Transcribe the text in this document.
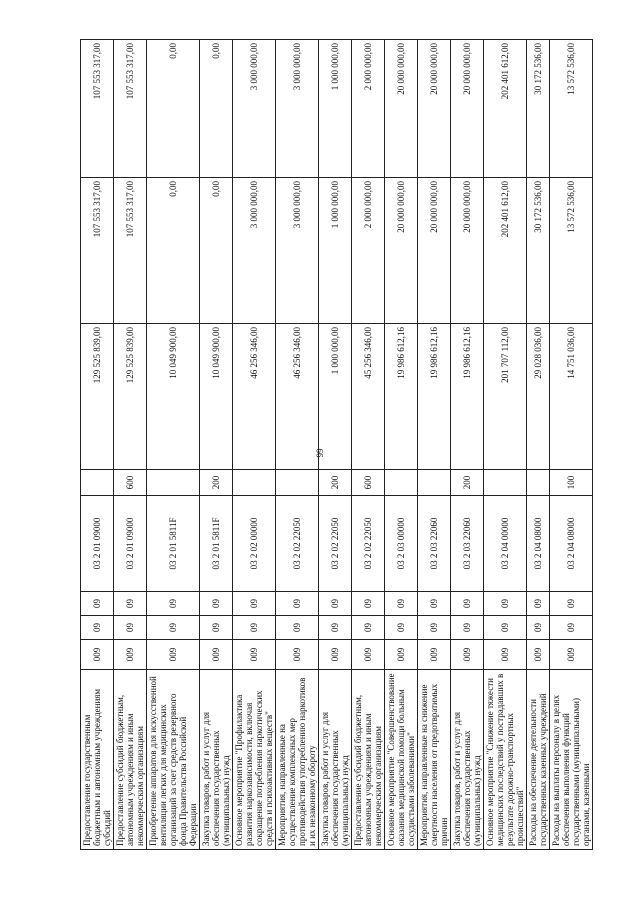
99
Предоставление государственным бюджетным и автономным учреждениям субсидий	009	09	09	03 2 01 09000		129 525 839,00	107 553 317,00	107 553 317,00
Предоставление субсидий бюджетным, автономным учреждениям и иным некоммерческим организациям	009	09	09	03 2 01 09000	600	129 525 839,00	107 553 317,00	107 553 317,00
Приобретение аппаратов для искусственной вентиляции легких для медицинских организаций за счет средств резервного фонда Правительства Российской Федерации	009	09	09	03 2 01 5811F		10 049 900,00	0,00	0,00
Закупка товаров, работ и услуг для обеспечения государственных (муниципальных) нужд	009	09	09	03 2 01 5811F	200	10 049 900,00	0,00	0,00
Основное мероприятие "Профилактика развития наркозависимости, включая сокращение потребления наркотических средств и психоактивных веществ"	009	09	09	03 2 02 00000		46 256 346,00	3 000 000,00	3 000 000,00
Мероприятия, направленные на осуществление комплексных мер противодействия употреблению наркотиков и их незаконному обороту	009	09	09	03 2 02 22050		46 256 346,00	3 000 000,00	3 000 000,00
Закупка товаров, работ и услуг для обеспечения государственных (муниципальных) нужд	009	09	09	03 2 02 22050	200	1 000 000,00	1 000 000,00	1 000 000,00
Предоставление субсидий бюджетным, автономным учреждениям и иным некоммерческим организациям	009	09	09	03 2 02 22050	600	45 256 346,00	2 000 000,00	2 000 000,00
Основное мероприятие "Совершенствование оказания медицинской помощи больным сосудистыми заболеваниями"	009	09	09	03 2 03 00000		19 986 612,16	20 000 000,00	20 000 000,00
Мероприятия, направленные на снижение смертности населения от предотвратимых причин	009	09	09	03 2 03 22060		19 986 612,16	20 000 000,00	20 000 000,00
Закупка товаров, работ и услуг для обеспечения государственных (муниципальных) нужд	009	09	09	03 2 03 22060	200	19 986 612,16	20 000 000,00	20 000 000,00
Основное мероприятие "Снижение тяжести медицинских последствий у пострадавших в результате дорожно-транспортных происшествий"	009	09	09	03 2 04 00000		201 707 112,00	202 401 612,00	202 401 612,00
Расходы на обеспечение деятельности государственных казенных учреждений	009	09	09	03 2 04 08000		29 028 036,00	30 172 536,00	30 172 536,00
Расходы на выплаты персоналу в целях обеспечения выполнения функций государственными (муниципальными) органами, казенными	009	09	09	03 2 04 08000	100	14 751 036,00	13 572 536,00	13 572 536,00
